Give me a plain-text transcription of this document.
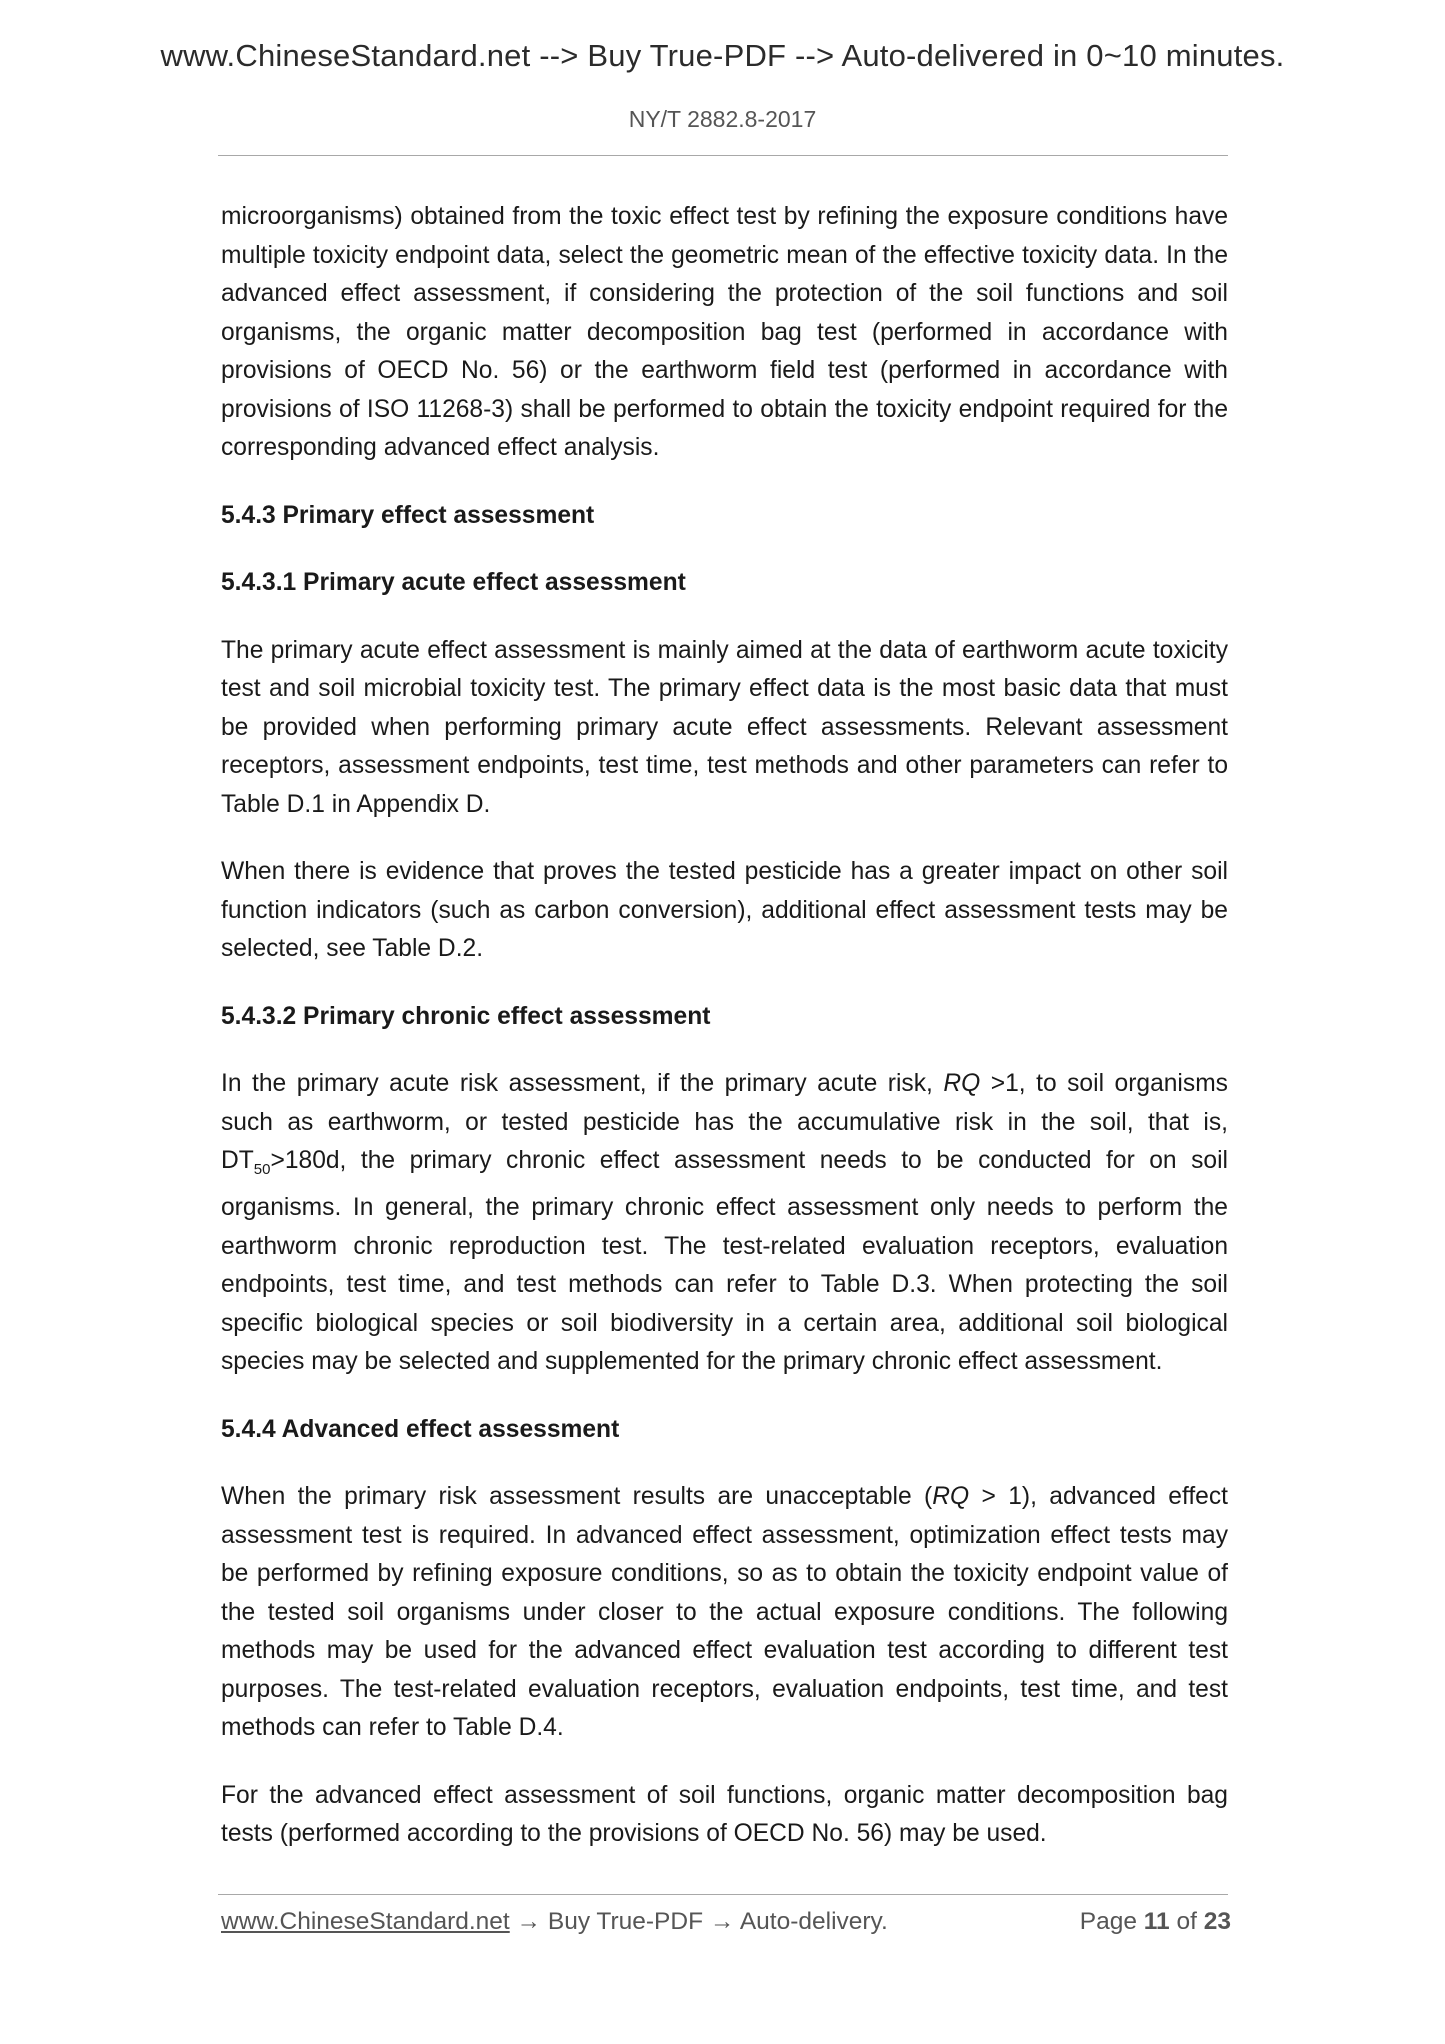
www.ChineseStandard.net --> Buy True-PDF --> Auto-delivered in 0~10 minutes.
NY/T 2882.8-2017

microorganisms) obtained from the toxic effect test by refining the exposure conditions have multiple toxicity endpoint data, select the geometric mean of the effective toxicity data. In the advanced effect assessment, if considering the protection of the soil functions and soil organisms, the organic matter decomposition bag test (performed in accordance with provisions of OECD No. 56) or the earthworm field test (performed in accordance with provisions of ISO 11268-3) shall be performed to obtain the toxicity endpoint required for the corresponding advanced effect analysis.

5.4.3 Primary effect assessment
5.4.3.1 Primary acute effect assessment

The primary acute effect assessment is mainly aimed at the data of earthworm acute toxicity test and soil microbial toxicity test. The primary effect data is the most basic data that must be provided when performing primary acute effect assessments. Relevant assessment receptors, assessment endpoints, test time, test methods and other parameters can refer to Table D.1 in Appendix D.

When there is evidence that proves the tested pesticide has a greater impact on other soil function indicators (such as carbon conversion), additional effect assessment tests may be selected, see Table D.2.

5.4.3.2 Primary chronic effect assessment

In the primary acute risk assessment, if the primary acute risk, RQ >1, to soil organisms such as earthworm, or tested pesticide has the accumulative risk in the soil, that is, $DT_{50}>180d$, the primary chronic effect assessment needs to be conducted for on soil organisms. In general, the primary chronic effect assessment only needs to perform the earthworm chronic reproduction test. The test-related evaluation receptors, evaluation endpoints, test time, and test methods can refer to Table D.3. When protecting the soil specific biological species or soil biodiversity in a certain area, additional soil biological species may be selected and supplemented for the primary chronic effect assessment.

5.4.4 Advanced effect assessment

When the primary risk assessment results are unacceptable (RQ > 1), advanced effect assessment test is required. In advanced effect assessment, optimization effect tests may be performed by refining exposure conditions, so as to obtain the toxicity endpoint value of the tested soil organisms under closer to the actual exposure conditions. The following methods may be used for the advanced effect evaluation test according to different test purposes. The test-related evaluation receptors, evaluation endpoints, test time, and test methods can refer to Table D.4.

For the advanced effect assessment of soil functions, organic matter decomposition bag tests (performed according to the provisions of OECD No. 56) may be used.

www.ChineseStandard.net → Buy True-PDF → Auto-delivery.	Page 11 of 23
